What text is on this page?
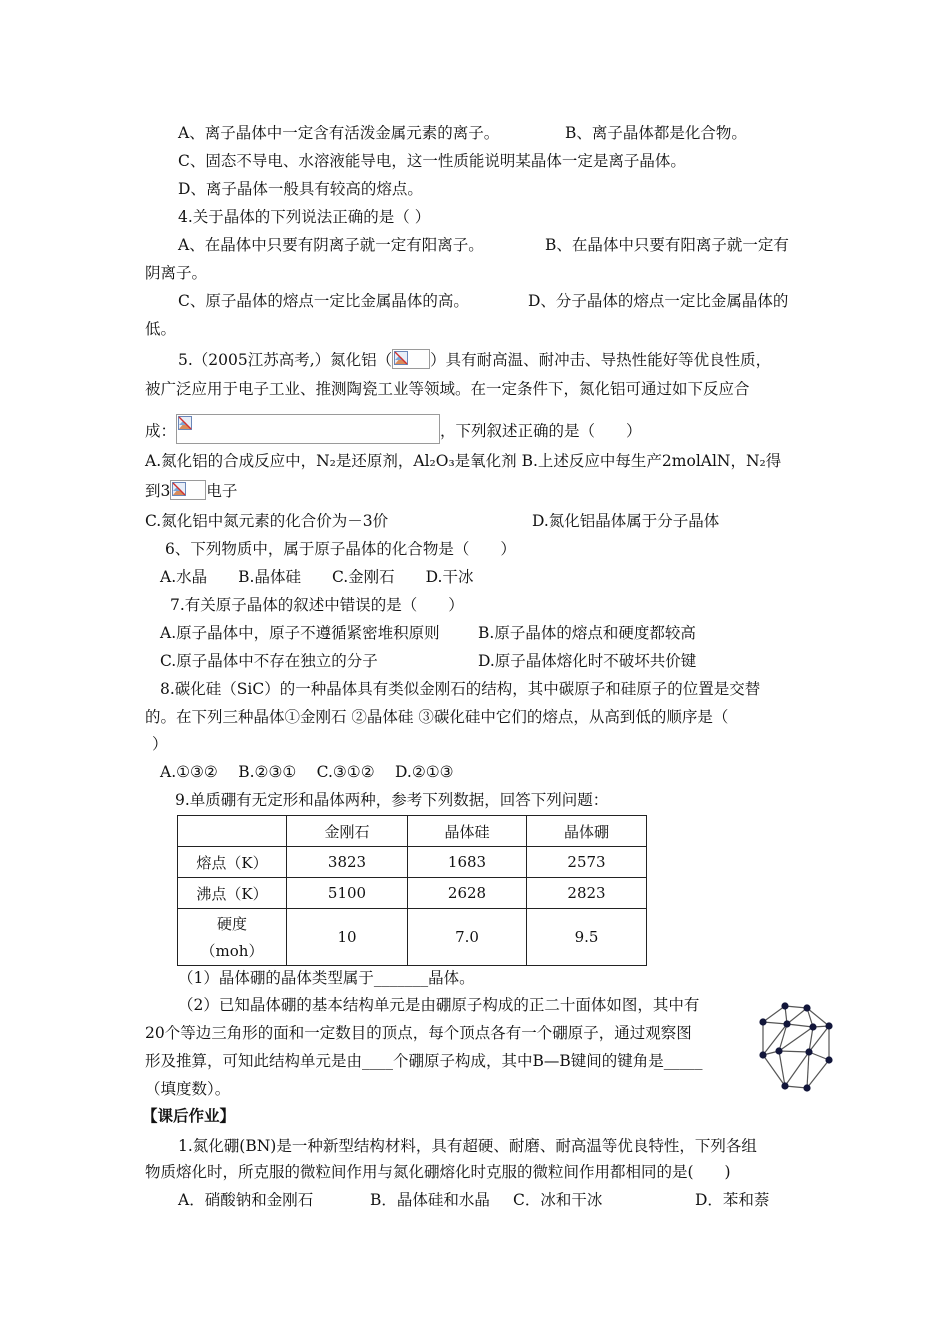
A、离子晶体中一定含有活泼金属元素的离子。	B、离子晶体都是化合物。
C、固态不导电、水溶液能导电，这一性质能说明某晶体一定是离子晶体。
D、离子晶体一般具有较高的熔点。
4.关于晶体的下列说法正确的是（ ）
A、在晶体中只要有阴离子就一定有阳离子。	B、在晶体中只要有阳离子就一定有
阴离子。
C、原子晶体的熔点一定比金属晶体的高。	D、分子晶体的熔点一定比金属晶体的
低。
5.（2005江苏高考,）氮化铝（ ）具有耐高温、耐冲击、导热性能好等优良性质，
被广泛应用于电子工业、推测陶瓷工业等领域。在一定条件下，氮化铝可通过如下反应合
成：	，下列叙述正确的是（　　）
A.氮化铝的合成反应中，N₂是还原剂，Al₂O₃是氧化剂 B.上述反应中每生产2molAlN，N₂得
到3 电子
C.氮化铝中氮元素的化合价为－3价	D.氮化铝晶体属于分子晶体
6、下列物质中，属于原子晶体的化合物是（　　）
A.水晶　　B.晶体硅　　C.金刚石　　D.干冰
7.有关原子晶体的叙述中错误的是（　　）
A.原子晶体中，原子不遵循紧密堆积原则 B.原子晶体的熔点和硬度都较高
C.原子晶体中不存在独立的分子	D.原子晶体熔化时不破坏共价键
8.碳化硅（SiC）的一种晶体具有类似金刚石的结构，其中碳原子和硅原子的位置是交替
的。在下列三种晶体①金刚石 ②晶体硅 ③碳化硅中它们的熔点，从高到低的顺序是（
）
A.①③②　 B.②③①　 C.③①②　 D.②①③
9.单质硼有无定形和晶体两种，参考下列数据，回答下列问题：
	金刚石	晶体硅	晶体硼
熔点（K）	3823	1683	2573
沸点（K）	5100	2628	2823

硬度
（moh）	10	7.0	9.5
（1）晶体硼的晶体类型属于_______晶体。
（2）已知晶体硼的基本结构单元是由硼原子构成的正二十面体如图，其中有
20个等边三角形的面和一定数目的顶点，每个顶点各有一个硼原子，通过观察图
形及推算，可知此结构单元是由____个硼原子构成，其中B—B键间的键角是_____
（填度数）。
【课后作业】
1.氮化硼(BN)是一种新型结构材料，具有超硬、耐磨、耐高温等优良特性，下列各组
物质熔化时，所克服的微粒间作用与氮化硼熔化时克服的微粒间作用都相同的是(　　)
A．硝酸钠和金刚石	B．晶体硅和水晶 C．冰和干冰	D．苯和萘
